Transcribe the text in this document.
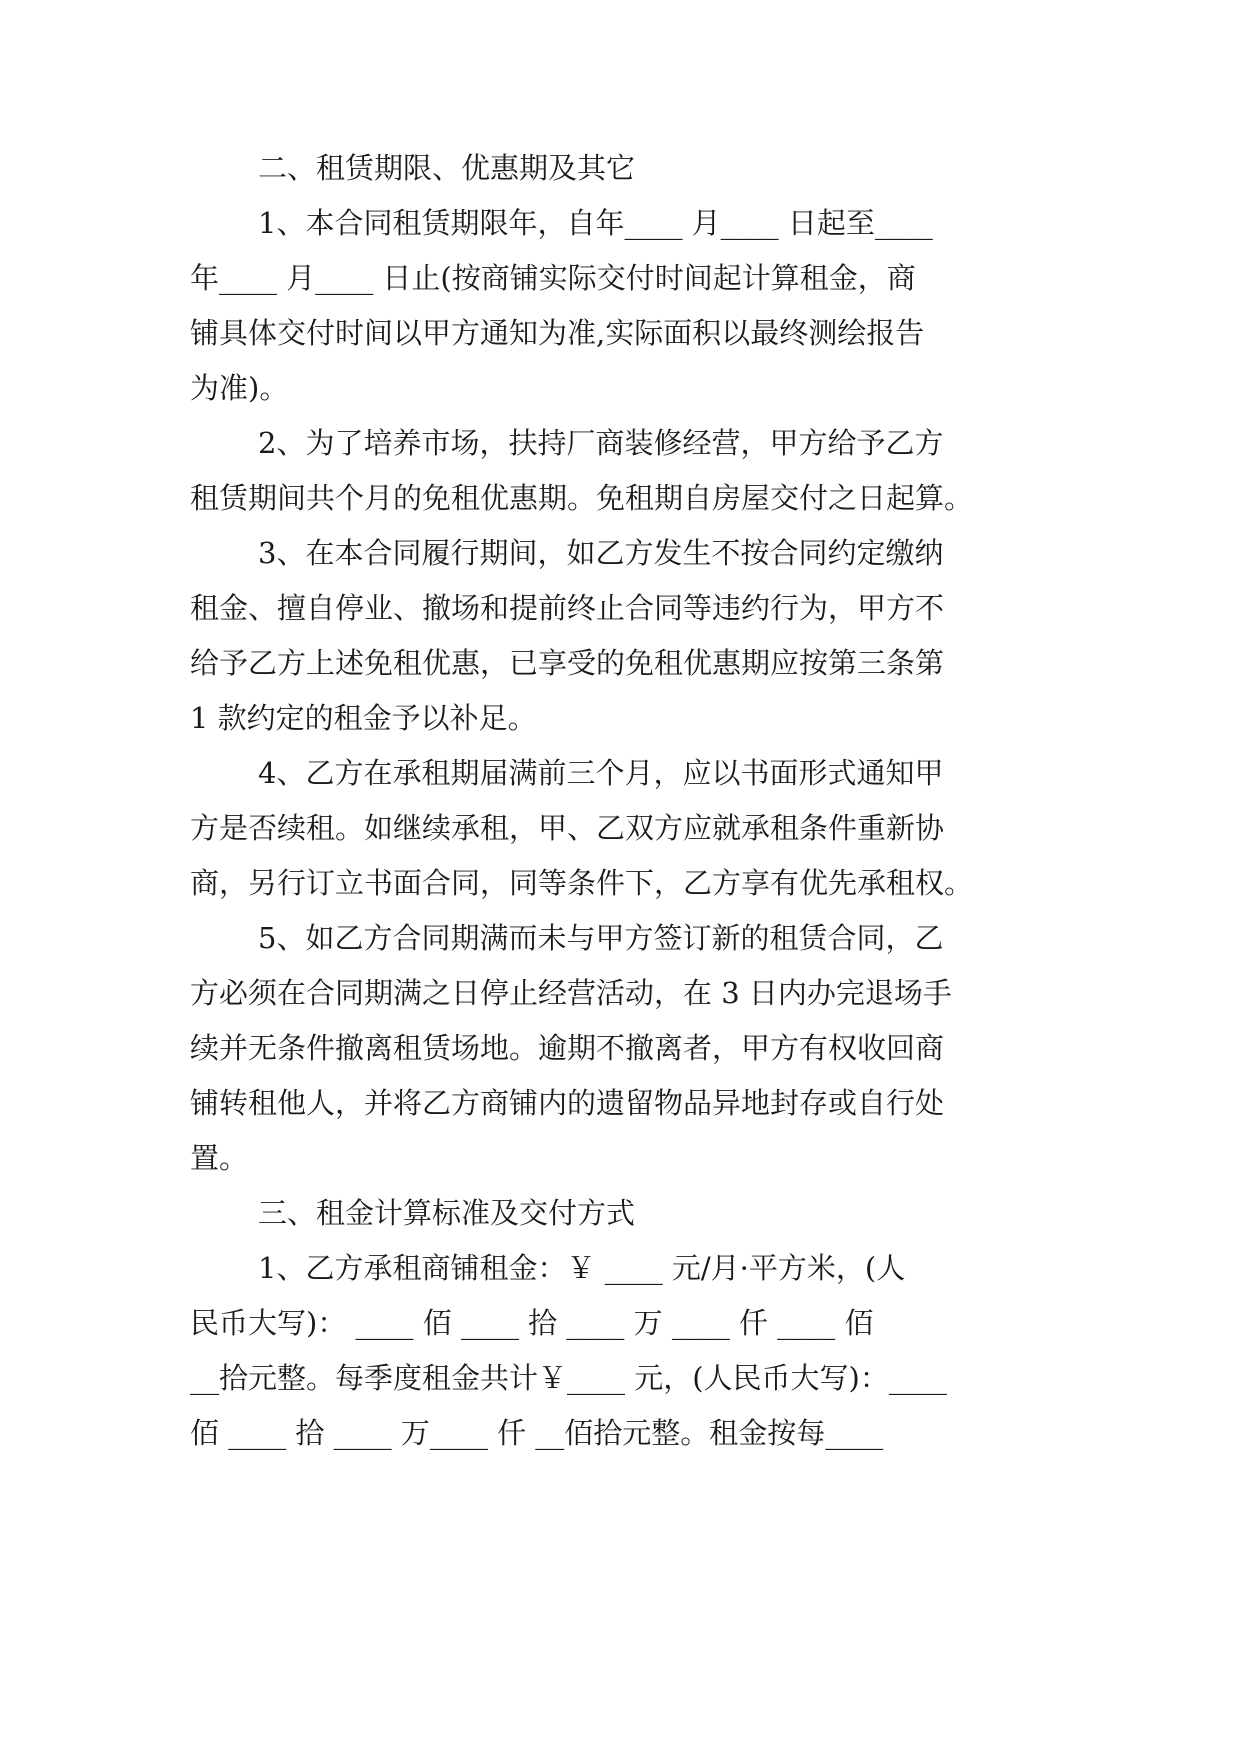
二、租赁期限、优惠期及其它
1、本合同租赁期限年，自年____ 月____ 日起至____
年____ 月____ 日止(按商铺实际交付时间起计算租金，商
铺具体交付时间以甲方通知为准,实际面积以最终测绘报告
为准)。
2、为了培养市场，扶持厂商装修经营，甲方给予乙方
租赁期间共个月的免租优惠期。免租期自房屋交付之日起算。
3、在本合同履行期间，如乙方发生不按合同约定缴纳
租金、擅自停业、撤场和提前终止合同等违约行为，甲方不
给予乙方上述免租优惠，已享受的免租优惠期应按第三条第
1 款约定的租金予以补足。
4、乙方在承租期届满前三个月，应以书面形式通知甲
方是否续租。如继续承租，甲、乙双方应就承租条件重新协
商，另行订立书面合同，同等条件下，乙方享有优先承租权。
5、如乙方合同期满而未与甲方签订新的租赁合同，乙
方必须在合同期满之日停止经营活动，在 3 日内办完退场手
续并无条件撤离租赁场地。逾期不撤离者，甲方有权收回商
铺转租他人，并将乙方商铺内的遗留物品异地封存或自行处
置。
三、租金计算标准及交付方式
1、乙方承租商铺租金：￥ ____ 元/月·平方米，(人
民币大写)： ____ 佰 ____ 拾 ____ 万 ____ 仟 ____ 佰
__拾元整。每季度租金共计￥____ 元，(人民币大写)：____
佰 ____ 拾 ____ 万____ 仟 __佰拾元整。租金按每____
